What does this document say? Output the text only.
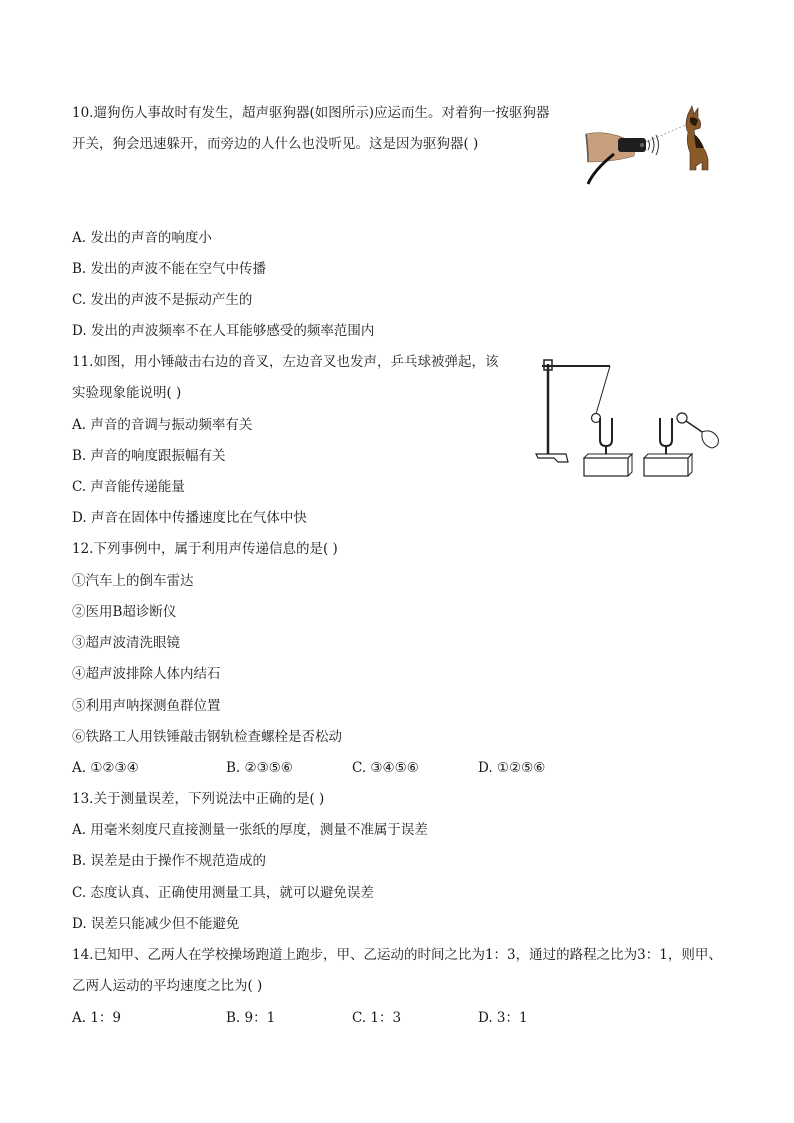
10.遛狗伤人事故时有发生，超声驱狗器(如图所示)应运而生。对着狗一按驱狗器
开关，狗会迅速躲开，而旁边的人什么也没听见。这是因为驱狗器( )
A. 发出的声音的响度小
B. 发出的声波不能在空气中传播
C. 发出的声波不是振动产生的
D. 发出的声波频率不在人耳能够感受的频率范围内
11.如图，用小锤敲击右边的音叉，左边音叉也发声，乒乓球被弹起，该
实验现象能说明( )
A. 声音的音调与振动频率有关
B. 声音的响度跟振幅有关
C. 声音能传递能量
D. 声音在固体中传播速度比在气体中快
12.下列事例中，属于利用声传递信息的是( )
①汽车上的倒车雷达
②医用B超诊断仪
③超声波清洗眼镜
④超声波排除人体内结石
⑤利用声呐探测鱼群位置
⑥铁路工人用铁锤敲击钢轨检查螺栓是否松动
A. ①②③④	B. ②③⑤⑥	C. ③④⑤⑥	D. ①②⑤⑥
13.关于测量误差，下列说法中正确的是( )
A. 用毫米刻度尺直接测量一张纸的厚度，测量不准属于误差
B. 误差是由于操作不规范造成的
C. 态度认真、正确使用测量工具，就可以避免误差
D. 误差只能减少但不能避免
14.已知甲、乙两人在学校操场跑道上跑步，甲、乙运动的时间之比为1：3，通过的路程之比为3：1，则甲、
乙两人运动的平均速度之比为( )
A. 1：9	B. 9：1	C. 1：3	D. 3：1
